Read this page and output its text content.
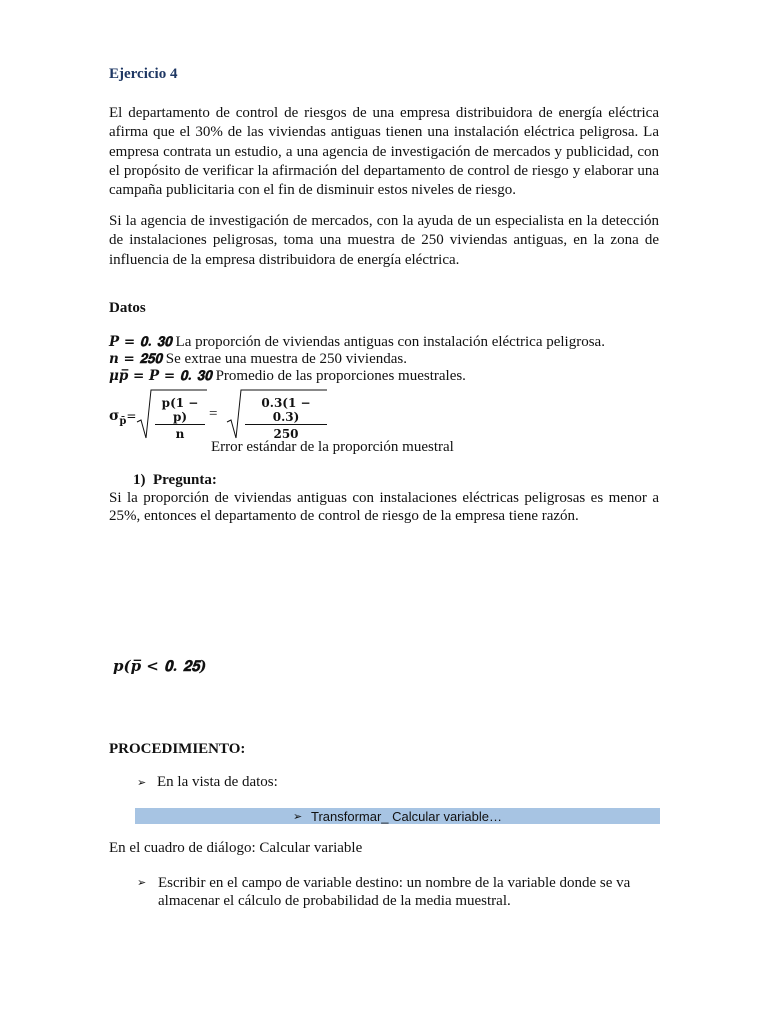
Ejercicio 4
El departamento de control de riesgos de una empresa distribuidora de energía eléctrica afirma que el 30% de las viviendas antiguas tienen una instalación eléctrica peligrosa. La empresa contrata un estudio, a una agencia de investigación de mercados y publicidad, con el propósito de verificar la afirmación del departamento de control de riesgo y elaborar una campaña publicitaria con el fin de disminuir estos niveles de riesgo.
Si la agencia de investigación de mercados, con la ayuda de un especialista en la detección de instalaciones peligrosas, toma una muestra de 250 viviendas antiguas, en la zona de influencia de la empresa distribuidora de energía eléctrica.
Datos
𝑷 = 𝟎. 𝟑𝟎 La proporción de viviendas antiguas con instalación eléctrica peligrosa.
𝒏 = 𝟐𝟓𝟎 Se extrae una muestra de 250 viviendas.
𝝁𝒑̅ = 𝑷 = 𝟎. 𝟑𝟎 Promedio de las proporciones muestrales.
$\sigma_{p̄}= \frac{p(1 - p)}{n} = \frac{0.3(1 - 0.3)}{250}$
Error estándar de la proporción muestral
1) Pregunta:
Si la proporción de viviendas antiguas con instalaciones eléctricas peligrosas es menor a 25%, entonces el departamento de control de riesgo de la empresa tiene razón.
𝒑(𝒑̅ < 𝟎. 𝟐𝟓)
PROCEDIMIENTO:
➢ En la vista de datos:
➢ Transformar_ Calcular variable…
En el cuadro de diálogo: Calcular variable
➢ Escribir en el campo de variable destino: un nombre de la variable donde se va almacenar el cálculo de probabilidad de la media muestral.
